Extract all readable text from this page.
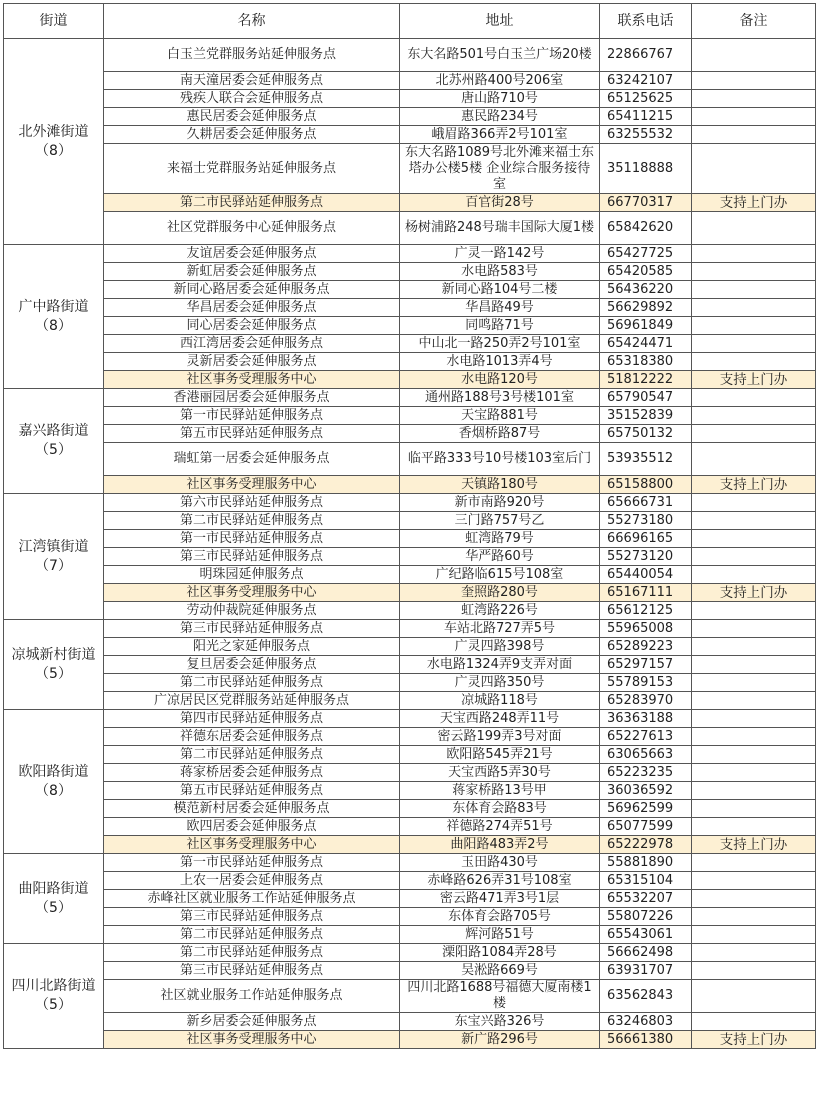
街道	名称	地址	联系电话	备注

北外滩街道
（8）	白玉兰党群服务站延伸服务点	东大名路501号白玉兰广场20楼	22866767	
	南天潼居委会延伸服务点	北苏州路400号206室	63242107	
	残疾人联合会延伸服务点	唐山路710号	65125625	
	惠民居委会延伸服务点	惠民路234号	65411215	
	久耕居委会延伸服务点	峨眉路366弄2号101室	63255532	
	来福士党群服务站延伸服务点	东大名路1089号北外滩来福士东塔办公楼5楼 企业综合服务接待室	35118888	
	第二市民驿站延伸服务点	百官街28号	66770317	支持上门办
	社区党群服务中心延伸服务点	杨树浦路248号瑞丰国际大厦1楼	65842620	

广中路街道
（8）	友谊居委会延伸服务点	广灵一路142号	65427725	
	新虹居委会延伸服务点	水电路583号	65420585	
	新同心路居委会延伸服务点	新同心路104号二楼	56436220	
	华昌居委会延伸服务点	华昌路49号	56629892	
	同心居委会延伸服务点	同鸣路71号	56961849	
	西江湾居委会延伸服务点	中山北一路250弄2号101室	65424471	
	灵新居委会延伸服务点	水电路1013弄4号	65318380	
	社区事务受理服务中心	水电路120号	51812222	支持上门办

嘉兴路街道
（5）	香港丽园居委会延伸服务点	通州路188号3号楼101室	65790547	
	第一市民驿站延伸服务点	天宝路881号	35152839	
	第五市民驿站延伸服务点	香烟桥路87号	65750132	
	瑞虹第一居委会延伸服务点	临平路333号10号楼103室后门	53935512	
	社区事务受理服务中心	天镇路180号	65158800	支持上门办

江湾镇街道
（7）	第六市民驿站延伸服务点	新市南路920号	65666731	
	第二市民驿站延伸服务点	三门路757号乙	55273180	
	第一市民驿站延伸服务点	虹湾路79号	66696165	
	第三市民驿站延伸服务点	华严路60号	55273120	
	明珠园延伸服务点	广纪路临615号108室	65440054	
	社区事务受理服务中心	奎照路280号	65167111	支持上门办
	劳动仲裁院延伸服务点	虹湾路226号	65612125	

凉城新村街道
（5）	第三市民驿站延伸服务点	车站北路727弄5号	55965008	
	阳光之家延伸服务点	广灵四路398号	65289223	
	复旦居委会延伸服务点	水电路1324弄9支弄对面	65297157	
	第二市民驿站延伸服务点	广灵四路350号	55789153	
	广凉居民区党群服务站延伸服务点	凉城路118号	65283970	

欧阳路街道
（8）	第四市民驿站延伸服务点	天宝西路248弄11号	36363188	
	祥德东居委会延伸服务点	密云路199弄3号对面	65227613	
	第二市民驿站延伸服务点	欧阳路545弄21号	63065663	
	蒋家桥居委会延伸服务点	天宝西路5弄30号	65223235	
	第五市民驿站延伸服务点	蒋家桥路13号甲	36036592	
	模范新村居委会延伸服务点	东体育会路83号	56962599	
	欧四居委会延伸服务点	祥德路274弄51号	65077599	
	社区事务受理服务中心	曲阳路483弄2号	65222978	支持上门办

曲阳路街道
（5）	第一市民驿站延伸服务点	玉田路430号	55881890	
	上农一居委会延伸服务点	赤峰路626弄31号108室	65315104	
	赤峰社区就业服务工作站延伸服务点	密云路471弄3号1层	65532207	
	第三市民驿站延伸服务点	东体育会路705号	55807226	
	第二市民驿站延伸服务点	辉河路51号	65543061	

四川北路街道
（5）	第二市民驿站延伸服务点	溧阳路1084弄28号	56662498	
	第三市民驿站延伸服务点	吴淞路669号	63931707	
	社区就业服务工作站延伸服务点	四川北路1688号福德大厦南楼1楼	63562843	
	新乡居委会延伸服务点	东宝兴路326号	63246803	
	社区事务受理服务中心	新广路296号	56661380	支持上门办
